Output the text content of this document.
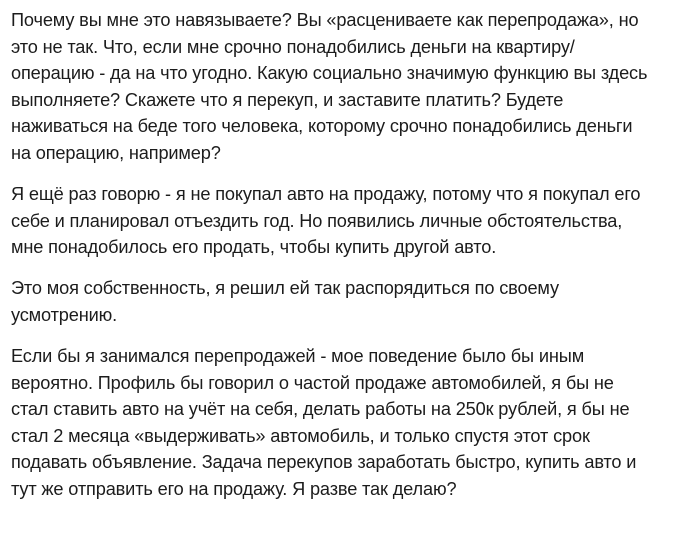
Почему вы мне это навязываете? Вы «расцениваете как перепродажа», но
это не так. Что, если мне срочно понадобились деньги на квартиру/
операцию - да на что угодно. Какую социально значимую функцию вы здесь
выполняете? Скажете что я перекуп, и заставите платить? Будете
наживаться на беде того человека, которому срочно понадобились деньги
на операцию, например?

Я ещё раз говорю - я не покупал авто на продажу, потому что я покупал его
себе и планировал отъездить год. Но появились личные обстоятельства,
мне понадобилось его продать, чтобы купить другой авто.

Это моя собственность, я решил ей так распорядиться по своему
усмотрению.

Если бы я занимался перепродажей - мое поведение было бы иным
вероятно. Профиль бы говорил о частой продаже автомобилей, я бы не
стал ставить авто на учёт на себя, делать работы на 250к рублей, я бы не
стал 2 месяца «выдерживать» автомобиль, и только спустя этот срок
подавать объявление. Задача перекупов заработать быстро, купить авто и
тут же отправить его на продажу. Я разве так делаю?
